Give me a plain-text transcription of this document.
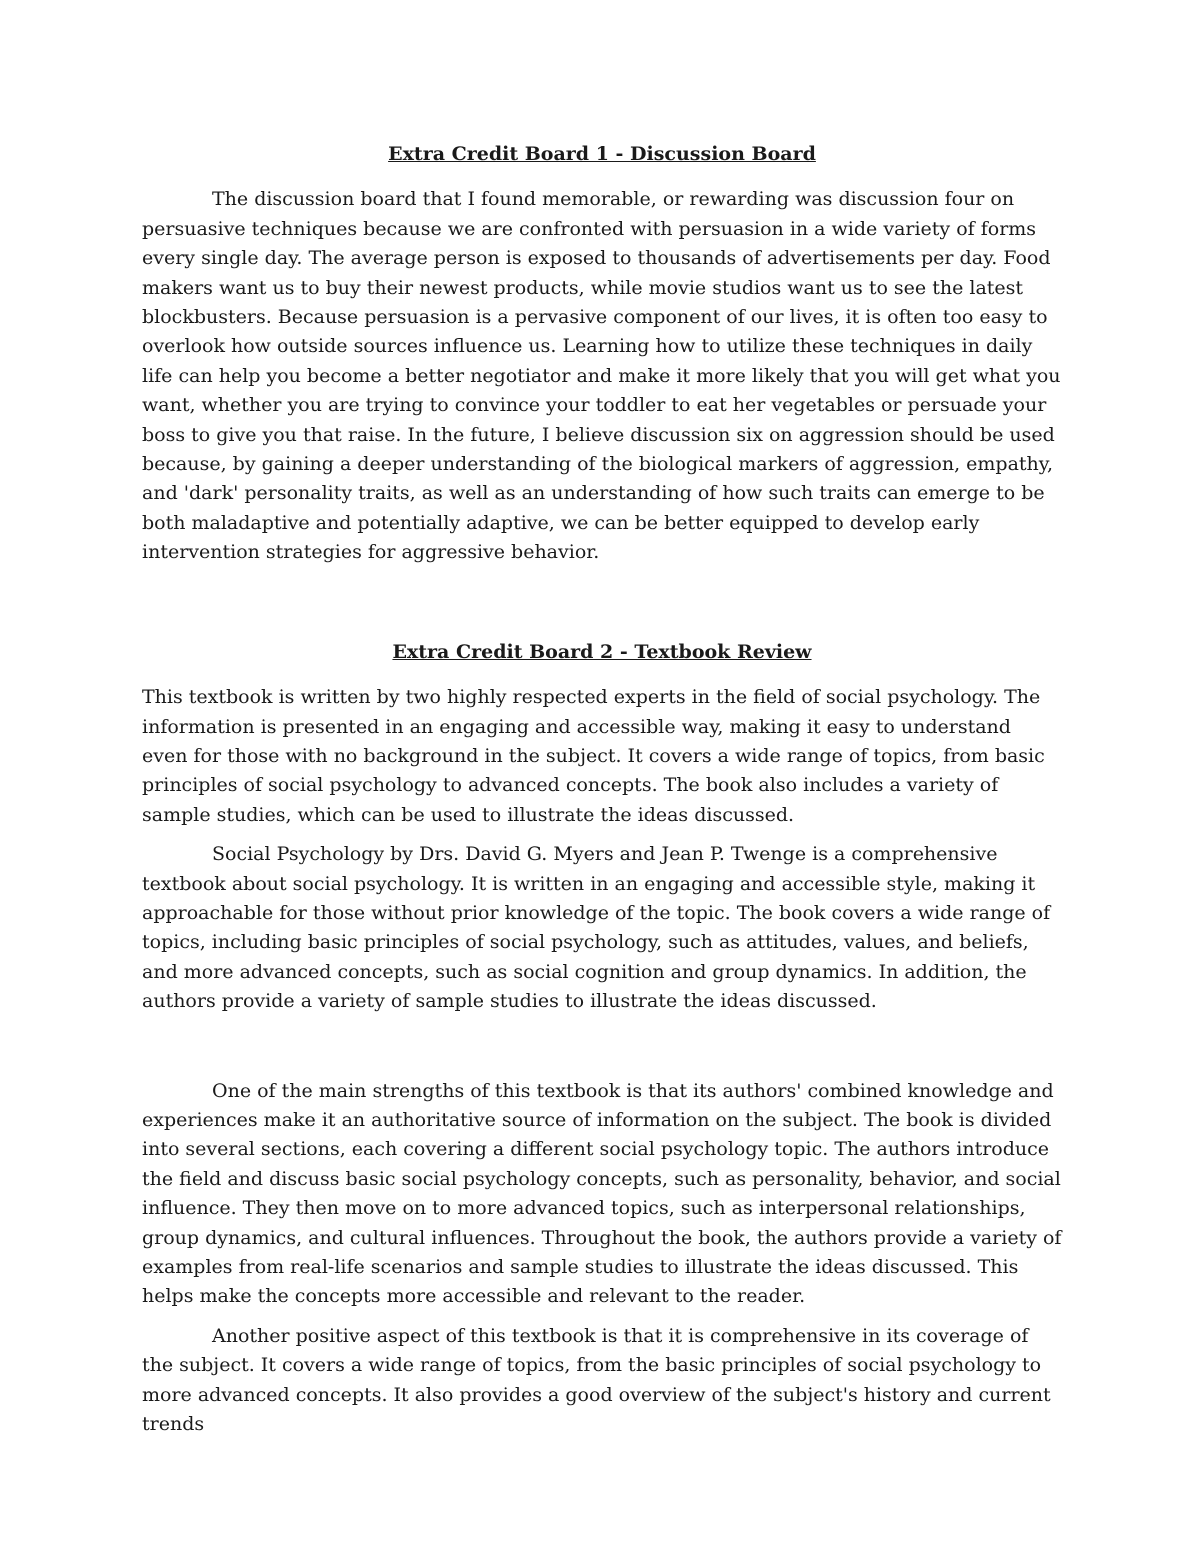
Extra Credit Board 1 - Discussion Board

The discussion board that I found memorable, or rewarding was discussion four on persuasive techniques because we are confronted with persuasion in a wide variety of forms every single day. The average person is exposed to thousands of advertisements per day. Food makers want us to buy their newest products, while movie studios want us to see the latest blockbusters. Because persuasion is a pervasive component of our lives, it is often too easy to overlook how outside sources influence us. Learning how to utilize these techniques in daily life can help you become a better negotiator and make it more likely that you will get what you want, whether you are trying to convince your toddler to eat her vegetables or persuade your boss to give you that raise. In the future, I believe discussion six on aggression should be used because, by gaining a deeper understanding of the biological markers of aggression, empathy, and 'dark' personality traits, as well as an understanding of how such traits can emerge to be both maladaptive and potentially adaptive, we can be better equipped to develop early intervention strategies for aggressive behavior.

Extra Credit Board 2 - Textbook Review

This textbook is written by two highly respected experts in the field of social psychology. The information is presented in an engaging and accessible way, making it easy to understand even for those with no background in the subject. It covers a wide range of topics, from basic principles of social psychology to advanced concepts. The book also includes a variety of sample studies, which can be used to illustrate the ideas discussed.

Social Psychology by Drs. David G. Myers and Jean P. Twenge is a comprehensive textbook about social psychology. It is written in an engaging and accessible style, making it approachable for those without prior knowledge of the topic. The book covers a wide range of topics, including basic principles of social psychology, such as attitudes, values, and beliefs, and more advanced concepts, such as social cognition and group dynamics. In addition, the authors provide a variety of sample studies to illustrate the ideas discussed.

One of the main strengths of this textbook is that its authors' combined knowledge and experiences make it an authoritative source of information on the subject. The book is divided into several sections, each covering a different social psychology topic. The authors introduce the field and discuss basic social psychology concepts, such as personality, behavior, and social influence. They then move on to more advanced topics, such as interpersonal relationships, group dynamics, and cultural influences. Throughout the book, the authors provide a variety of examples from real-life scenarios and sample studies to illustrate the ideas discussed. This helps make the concepts more accessible and relevant to the reader.

Another positive aspect of this textbook is that it is comprehensive in its coverage of the subject. It covers a wide range of topics, from the basic principles of social psychology to more advanced concepts. It also provides a good overview of the subject's history and current trends
